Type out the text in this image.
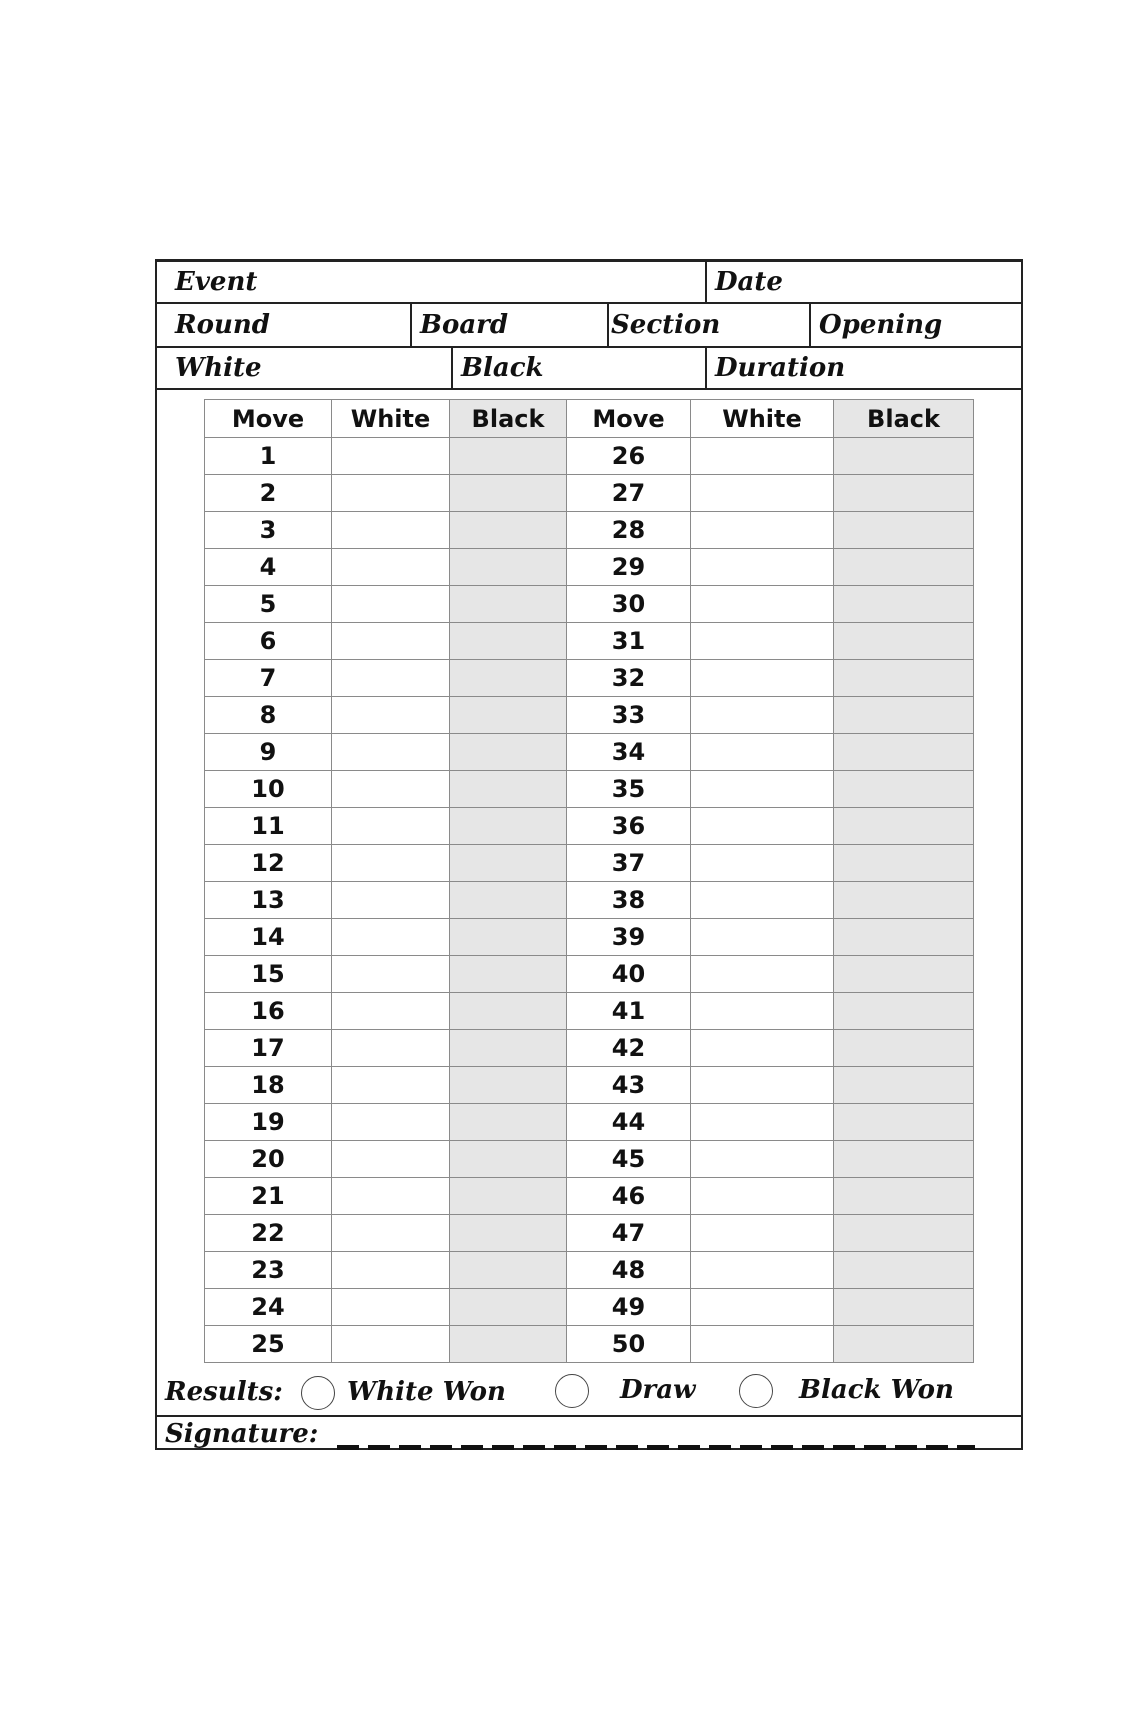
Event	Date
Round	Board	Section	Opening
White	Black	Duration
Move	White	Black	Move	White	Black
1			26		
2			27		
3			28		
4			29		
5			30		
6			31		
7			32		
8			33		
9			34		
10			35		
11			36		
12			37		
13			38		
14			39		
15			40		
16			41		
17			42		
18			43		
19			44		
20			45		
21			46		
22			47		
23			48		
24			49		
25			50		
Results: White Won	Draw	Black Won
Signature:
